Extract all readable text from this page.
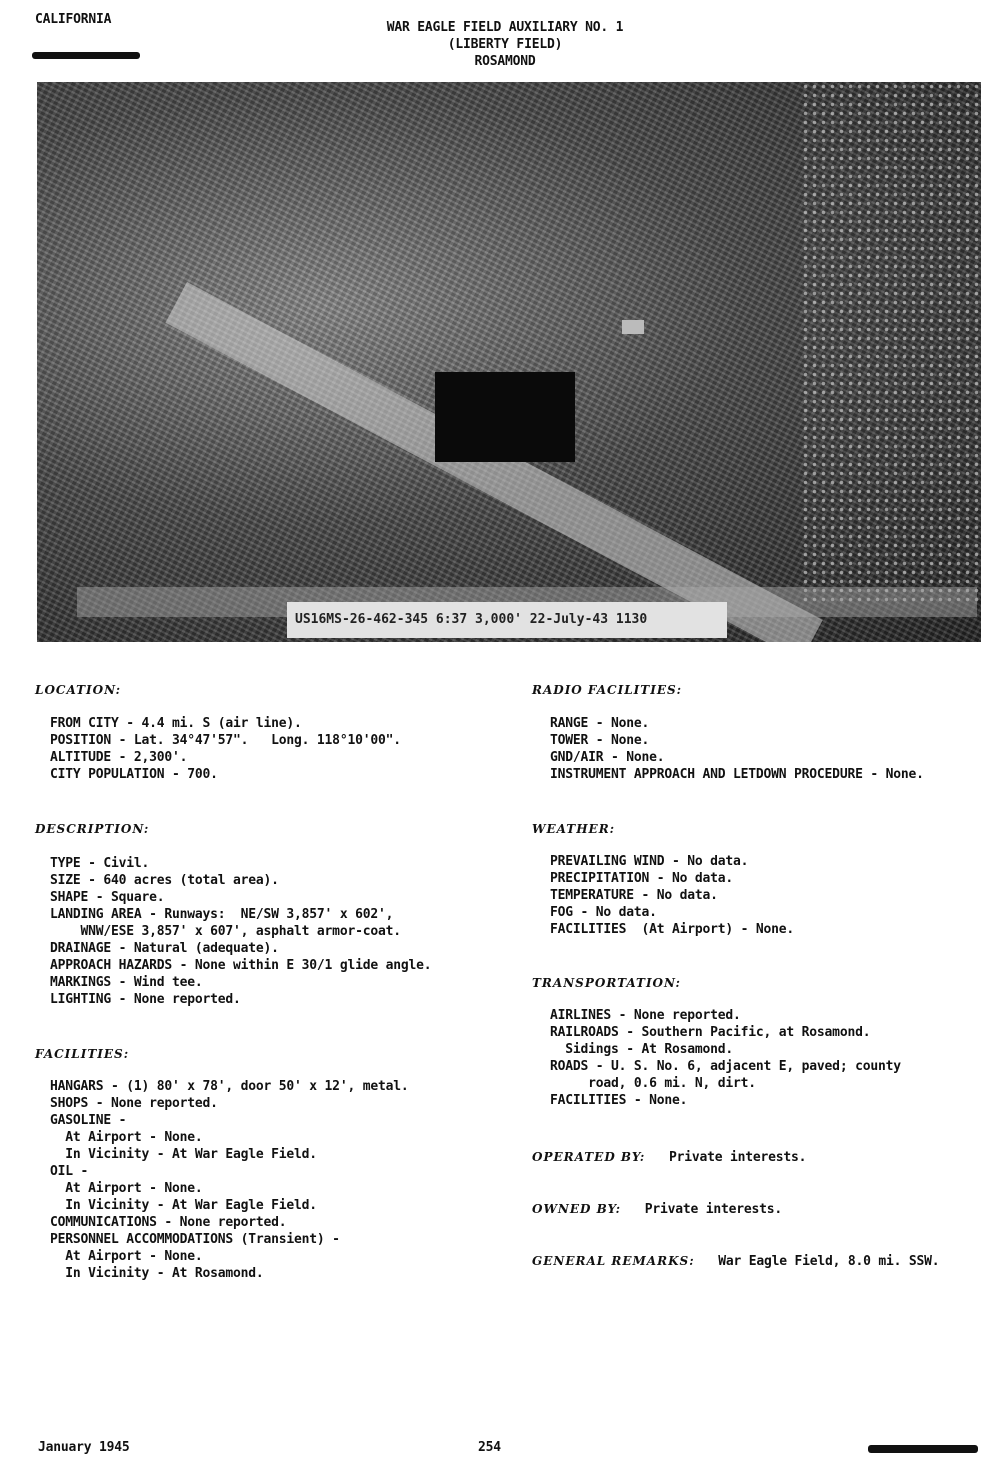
CALIFORNIA
WAR EAGLE FIELD AUXILIARY NO. 1
(LIBERTY FIELD)
ROSAMOND
US16MS-26-462-345 6:37 3,000' 22-July-43 1130
LOCATION:
FROM CITY - 4.4 mi. S (air line).
POSITION - Lat. 34°47'57".   Long. 118°10'00".
ALTITUDE - 2,300'.
CITY POPULATION - 700.
DESCRIPTION:
TYPE - Civil.
SIZE - 640 acres (total area).
SHAPE - Square.
LANDING AREA - Runways:  NE/SW 3,857' x 602',
WNW/ESE 3,857' x 607', asphalt armor-coat.
DRAINAGE - Natural (adequate).
APPROACH HAZARDS - None within E 30/1 glide angle.
MARKINGS - Wind tee.
LIGHTING - None reported.
FACILITIES:
HANGARS - (1) 80' x 78', door 50' x 12', metal.
SHOPS - None reported.
GASOLINE -
At Airport - None.
In Vicinity - At War Eagle Field.
OIL -
At Airport - None.
In Vicinity - At War Eagle Field.
COMMUNICATIONS - None reported.
PERSONNEL ACCOMMODATIONS (Transient) -
At Airport - None.
In Vicinity - At Rosamond.
RADIO FACILITIES:
RANGE - None.
TOWER - None.
GND/AIR - None.
INSTRUMENT APPROACH AND LETDOWN PROCEDURE - None.
WEATHER:
PREVAILING WIND - No data.
PRECIPITATION - No data.
TEMPERATURE - No data.
FOG - No data.
FACILITIES  (At Airport) - None.
TRANSPORTATION:
AIRLINES - None reported.
RAILROADS - Southern Pacific, at Rosamond.
Sidings - At Rosamond.
ROADS - U. S. No. 6, adjacent E, paved; county
road, 0.6 mi. N, dirt.
FACILITIES - None.
OPERATED BY: Private interests.
OWNED BY: Private interests.
GENERAL REMARKS: War Eagle Field, 8.0 mi. SSW.
January 1945	254
